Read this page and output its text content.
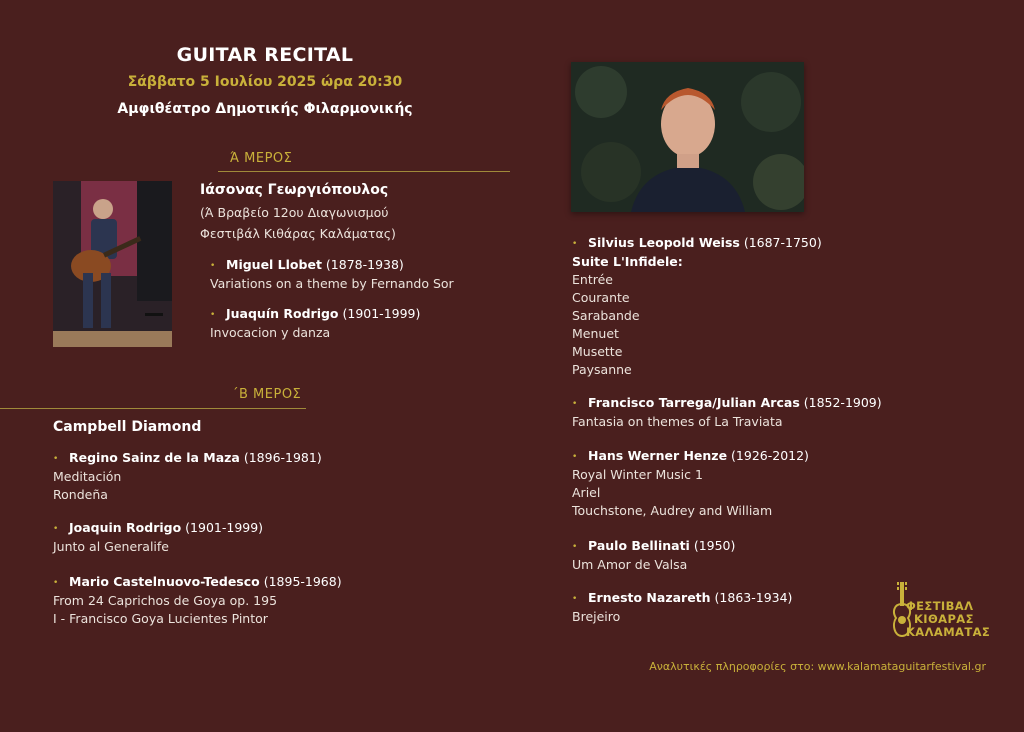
GUITAR RECITAL
Σάββατο 5 Ιουλίου 2025 ώρα 20:30
Αμφιθέατρο Δημοτικής Φιλαρμονικής
Ά ΜΕΡΟΣ
Ιάσονας Γεωργιόπουλος
(Ά Βραβείο 12ου Διαγωνισμού
Φεστιβάλ Κιθάρας Καλάματας)
• Miguel Llobet (1878-1938)
Variations on a theme by Fernando Sor
• Juaquín Rodrigo (1901-1999)
Invocacion y danza
΄Β ΜΕΡΟΣ
Campbell Diamond
• Regino Sainz de la Maza (1896-1981)
Meditación
Rondeña
• Joaquin Rodrigo (1901-1999)
Junto al Generalife
• Mario Castelnuovo-Tedesco (1895-1968)
From 24 Caprichos de Goya op. 195
I - Francisco Goya Lucientes Pintor
• Silvius Leopold Weiss (1687-1750)
Suite L'Infidele:
Entrée
Courante
Sarabande
Menuet
Musette
Paysanne
• Francisco Tarrega/Julian Arcas (1852-1909)
Fantasia on themes of La Traviata
• Hans Werner Henze (1926-2012)
Royal Winter Music 1
Ariel
Touchstone, Audrey and William
• Paulo Bellinati (1950)
Um Amor de Valsa
• Ernesto Nazareth (1863-1934)
Brejeiro
ΦΕΣΤΙΒΑΛ
ΚΙΘΑΡΑΣ
ΚΑΛΑΜΑΤΑΣ
Αναλυτικές πληροφορίες στο: www.kalamataguitarfestival.gr
